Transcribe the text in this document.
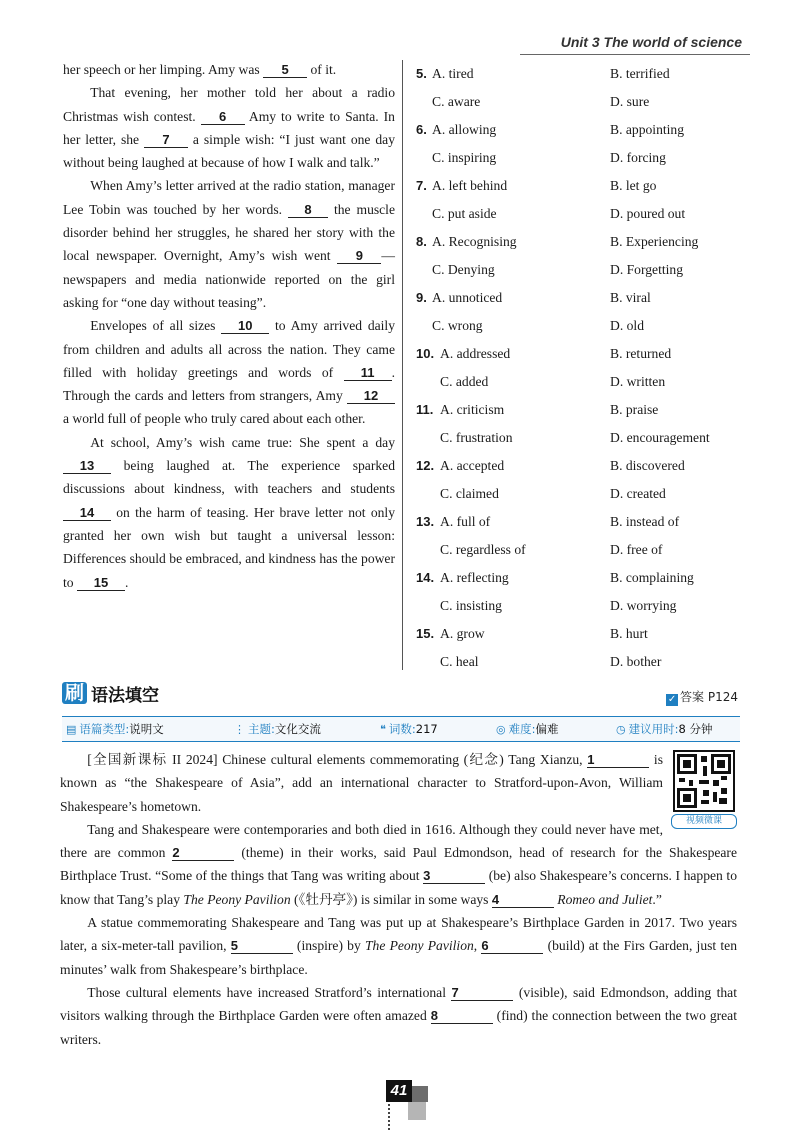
Unit 3 The world of science

her speech or her limping. Amy was 5 of it.

That evening, her mother told her about a radio Christmas wish contest. 6 Amy to write to Santa. In her letter, she 7 a simple wish: “I just want one day without being laughed at because of how I walk and talk.”

When Amy’s letter arrived at the radio station, manager Lee Tobin was touched by her words. 8 the muscle disorder behind her struggles, he shared her story with the local newspaper. Overnight, Amy’s wish went 9 —newspapers and media nationwide reported on the girl asking for “one day without teasing”.

Envelopes of all sizes 10 to Amy arrived daily from children and adults all across the nation. They came filled with holiday greetings and words of 11 . Through the cards and letters from strangers, Amy 12 a world full of people who truly cared about each other.

At school, Amy’s wish came true: She spent a day 13 being laughed at. The experience sparked discussions about kindness, with teachers and students 14 on the harm of teasing. Her brave letter not only granted her own wish but taught a universal lesson: Differences should be embraced, and kindness has the power to 15 .

5. A. tired	B. terrified
C. aware	D. sure
6. A. allowing	B. appointing
C. inspiring	D. forcing
7. A. left behind	B. let go
C. put aside	D. poured out
8. A. Recognising	B. Experiencing
C. Denying	D. Forgetting
9. A. unnoticed	B. viral
C. wrong	D. old
10. A. addressed	B. returned
C. added	D. written
11. A. criticism	B. praise
C. frustration	D. encouragement
12. A. accepted	B. discovered
C. claimed	D. created
13. A. full of	B. instead of
C. regardless of	D. free of
14. A. reflecting	B. complaining
C. insisting	D. worrying
15. A. grow	B. hurt
C. heal	D. bother
刷 语法填空	✓ 答案 P124
▤ 语篇类型:说明文	⋮ 主题:文化交流	❝ 词数:217	◎ 难度:偏难	◷ 建议用时:8 分钟

视频微课
[全国新课标 II 2024] Chinese cultural elements commemorating (纪念) Tang Xianzu, 1	is known as “the Shakespeare of Asia”, add an international character to Stratford-upon-Avon, William Shakespeare’s hometown.

Tang and Shakespeare were contemporaries and both died in 1616. Although they could never have met, there are common 2	(theme) in their works, said Paul Edmondson, head of research for the Shakespeare Birthplace Trust. “Some of the things that Tang was writing about 3	(be) also Shakespeare’s concerns. I happen to know that Tang’s play The Peony Pavilion (《牡丹亭》) is similar in some ways 4	Romeo and Juliet.”

A statue commemorating Shakespeare and Tang was put up at Shakespeare’s Birthplace Garden in 2017. Two years later, a six-meter-tall pavilion, 5	(inspire) by The Peony Pavilion, 6	(build) at the Firs Garden, just ten minutes’ walk from Shakespeare’s birthplace.

Those cultural elements have increased Stratford’s international 7	(visible), said Edmondson, adding that visitors walking through the Birthplace Garden were often amazed 8	(find) the connection between the two great writers.

41
